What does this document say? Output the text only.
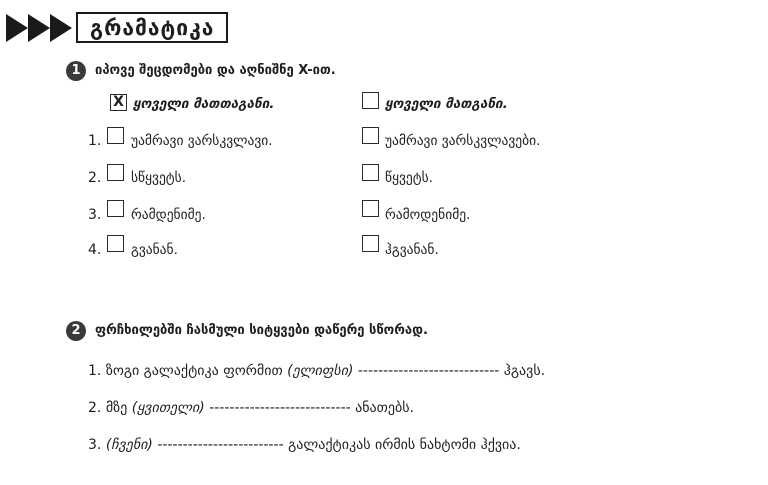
გრამატიკა
1	იპოვე შეცდომები და აღნიშნე X-ით.
X ყოველი მათთაგანი.	ყოველი მათგანი.
1. უამრავი ვარსკვლავი.	უამრავი ვარსკვლავები.
2. სწყვეტს.	წყვეტს.
3. რამდენიმე.	რამოდენიმე.
4. გვანან.	ჰგვანან.
2	ფრჩხილებში ჩასმული სიტყვები დაწერე სწორად.
1. ზოგი გალაქტიკა ფორმით (ელიფსი) ---------------------------- ჰგავს.
2. მზე (ყვითელი) ---------------------------- ანათებს.
3. (ჩვენი) ------------------------- გალაქტიკას ირმის ნახტომი ჰქვია.
